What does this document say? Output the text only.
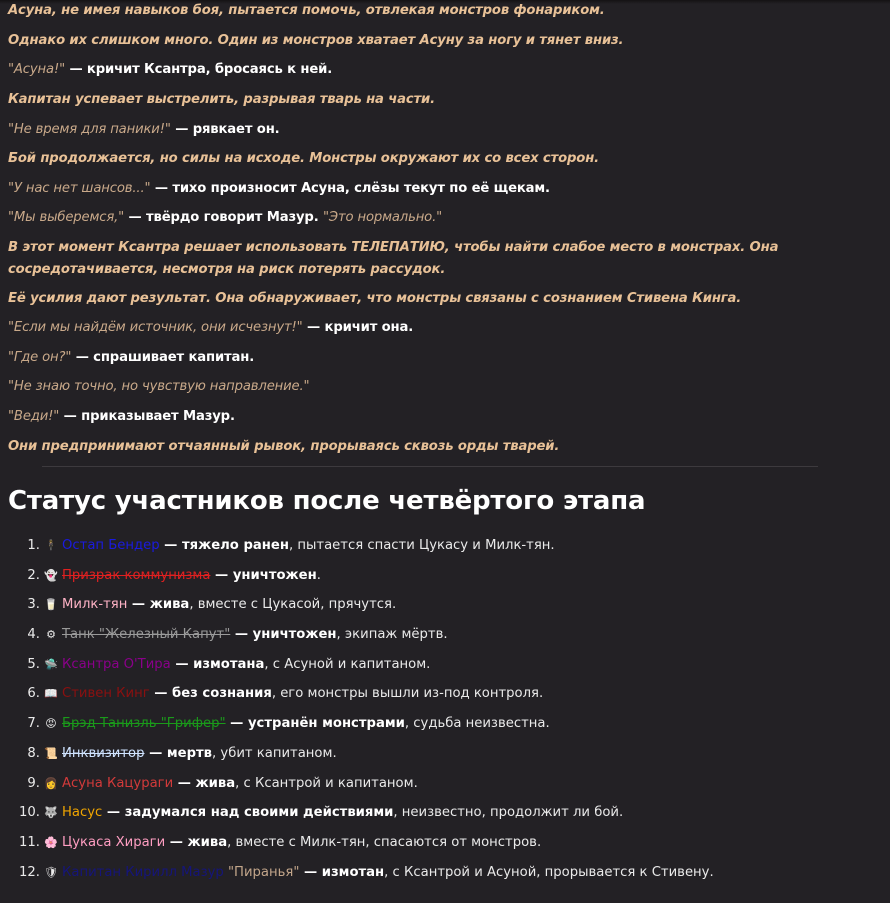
Асуна, не имея навыков боя, пытается помочь, отвлекая монстров фонариком.

Однако их слишком много. Один из монстров хватает Асуну за ногу и тянет вниз.

"Асуна!" — кричит Ксантра, бросаясь к ней.

Капитан успевает выстрелить, разрывая тварь на части.

"Не время для паники!" — рявкает он.

Бой продолжается, но силы на исходе. Монстры окружают их со всех сторон.

"У нас нет шансов..." — тихо произносит Асуна, слёзы текут по её щекам.

"Мы выберемся," — твёрдо говорит Мазур. "Это нормально."

В этот момент Ксантра решает использовать ТЕЛЕПАТИЮ, чтобы найти слабое место в монстрах. Она сосредотачивается, несмотря на риск потерять рассудок.

Её усилия дают результат. Она обнаруживает, что монстры связаны с сознанием Стивена Кинга.

"Если мы найдём источник, они исчезнут!" — кричит она.

"Где он?" — спрашивает капитан.

"Не знаю точно, но чувствую направление."

"Веди!" — приказывает Мазур.

Они предпринимают отчаянный рывок, прорываясь сквозь орды тварей.

Статус участников после четвёртого этапа
1. 🕴 Остап Бендер — тяжело ранен, пытается спасти Цукасу и Милк-тян.
2. 👻 Призрак коммунизма — уничтожен.
3. 🥛 Милк-тян — жива, вместе с Цукасой, прячутся.
4. ⚙ Танк "Железный Капут" — уничтожен, экипаж мёртв.
5. 🛸 Ксантра О'Тира — измотана, с Асуной и капитаном.
6. 📖 Стивен Кинг — без сознания, его монстры вышли из-под контроля.
7. 😡 Брэд Танизль "Грифер" — устранён монстрами, судьба неизвестна.
8. 📜 Инквизитор — мертв, убит капитаном.
9. 👩 Асуна Кацураги — жива, с Ксантрой и капитаном.
10. 🐺 Насус — задумался над своими действиями, неизвестно, продолжит ли бой.
11. 🌸 Цукаса Хираги — жива, вместе с Милк-тян, спасаются от монстров.
12. 🛡 Капитан Кирилл Мазур "Пиранья" — измотан, с Ксантрой и Асуной, прорывается к Стивену.
